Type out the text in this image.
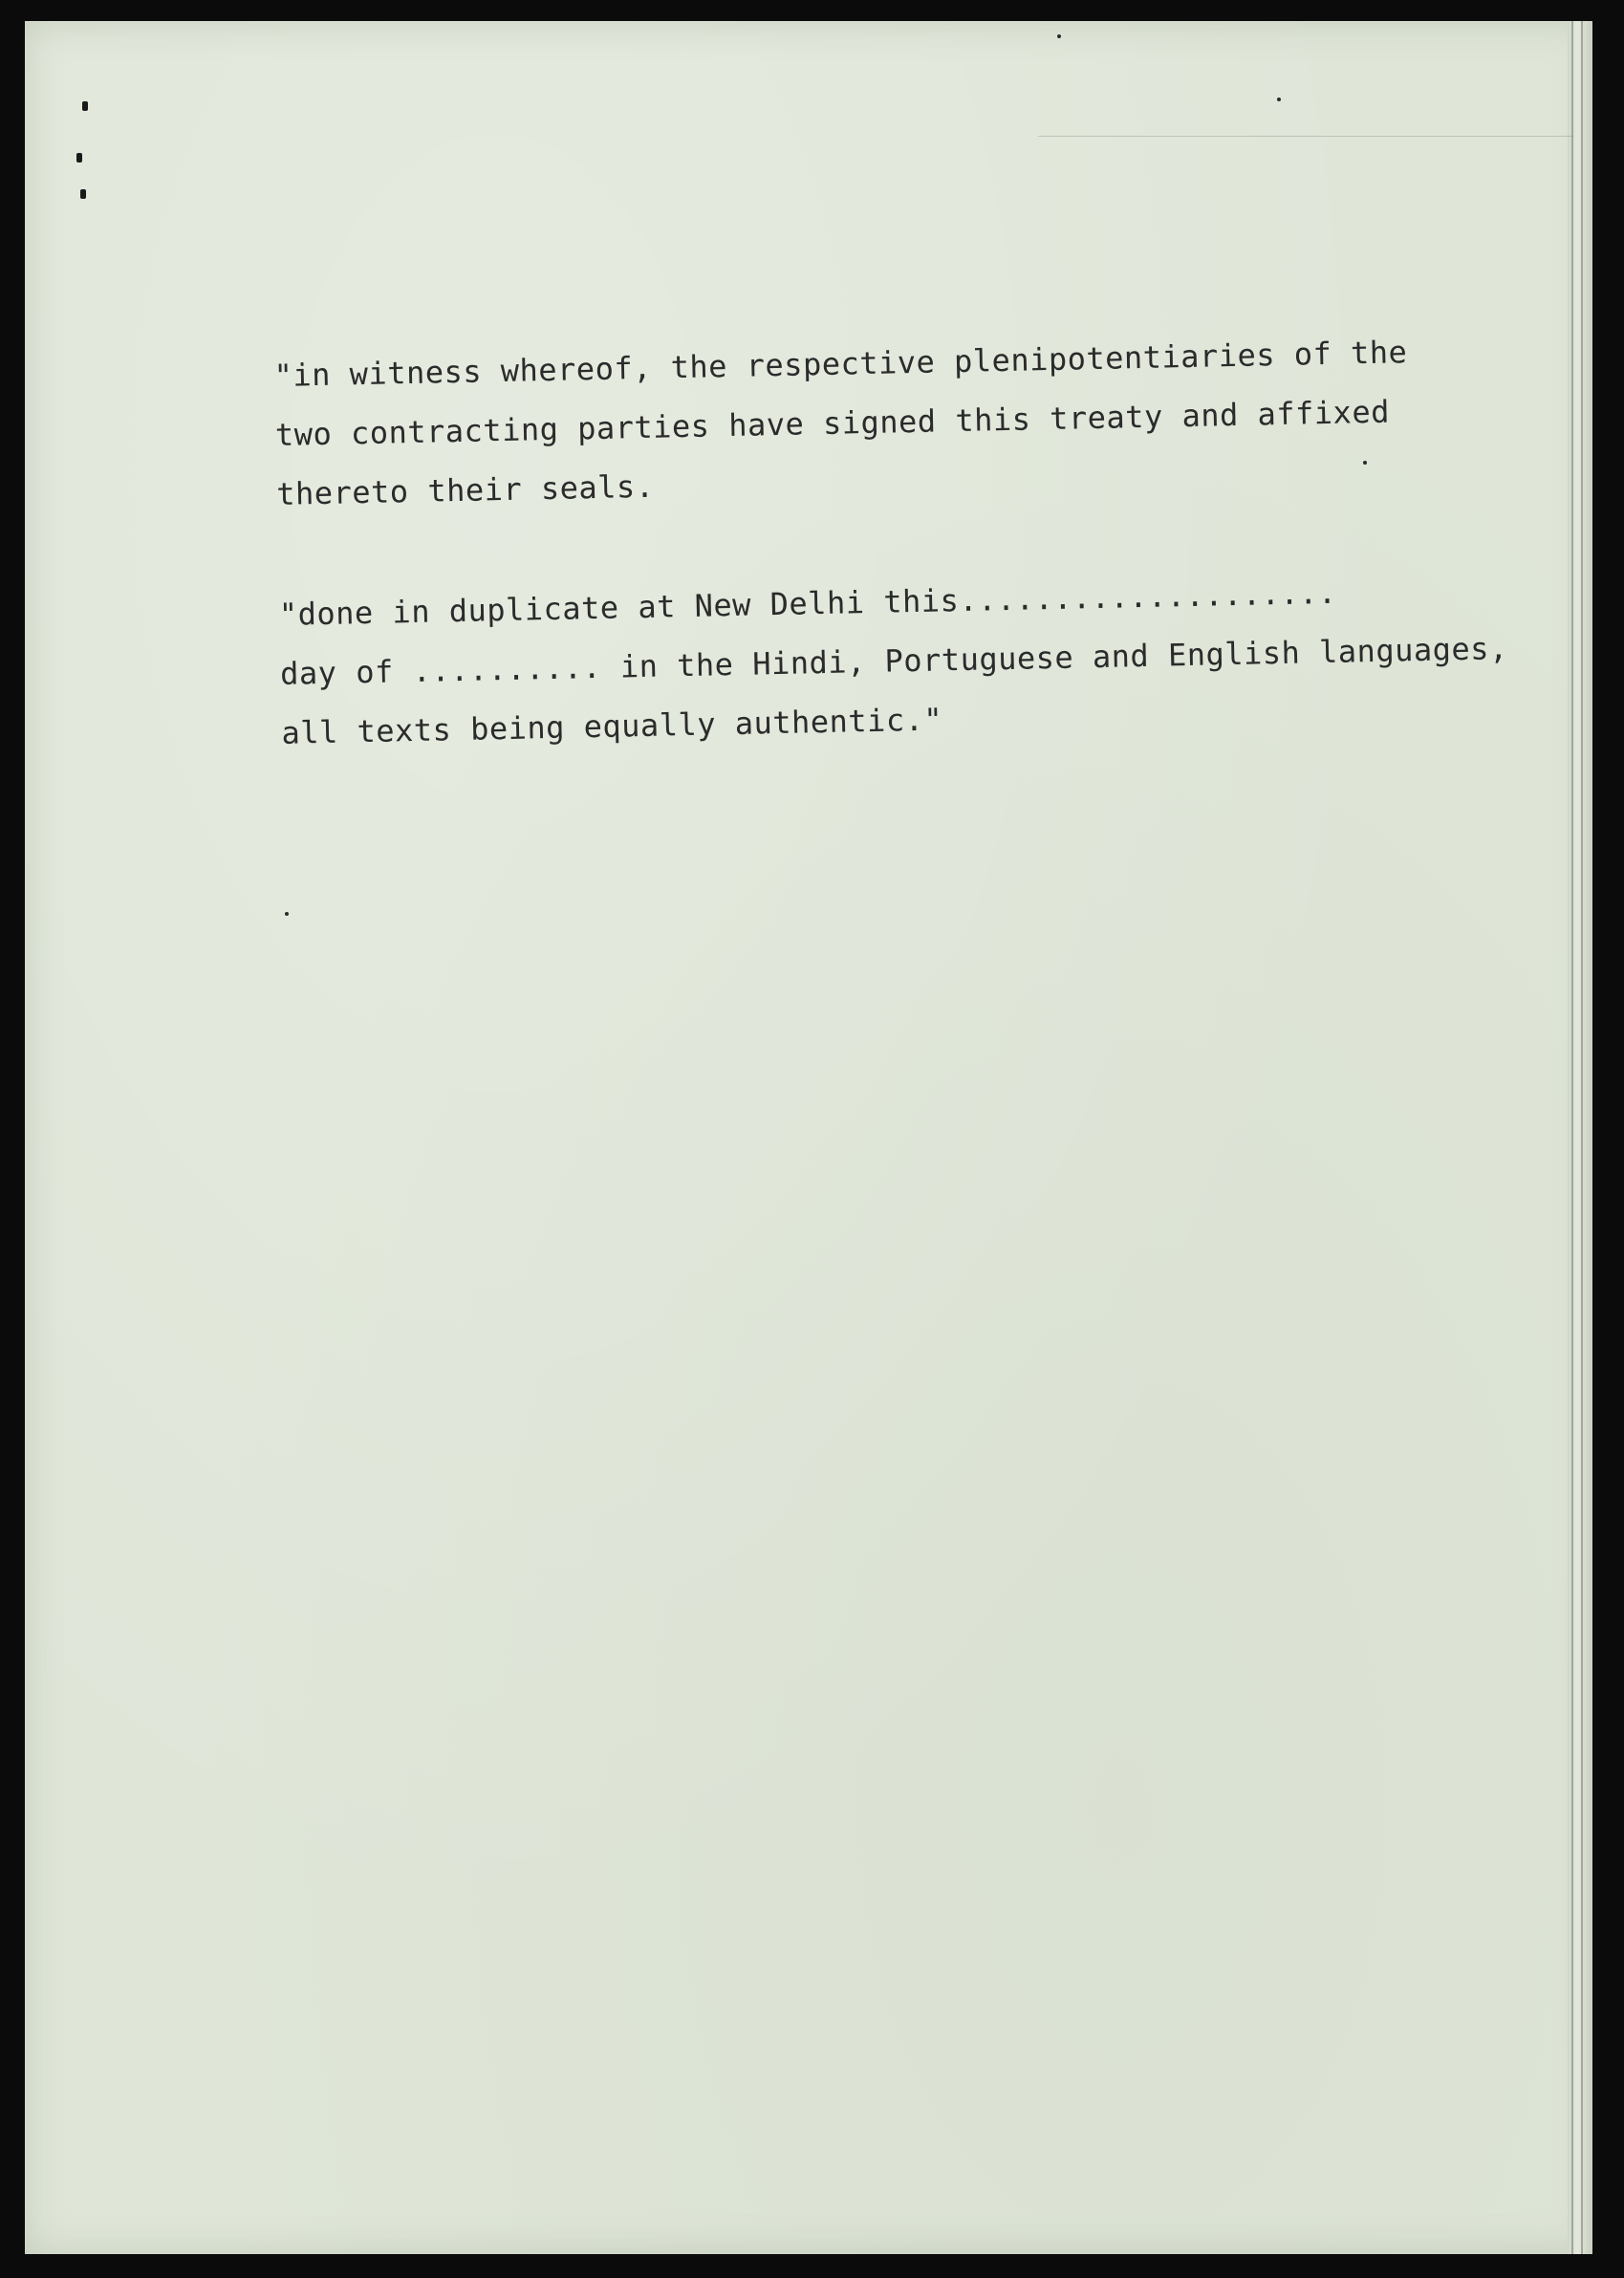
"in witness whereof, the respective plenipotentiaries of the
two contracting parties have signed this treaty and affixed
thereto their seals.
"done in duplicate at New Delhi this....................
day of .......... in the Hindi, Portuguese and English languages,
all texts being equally authentic."
